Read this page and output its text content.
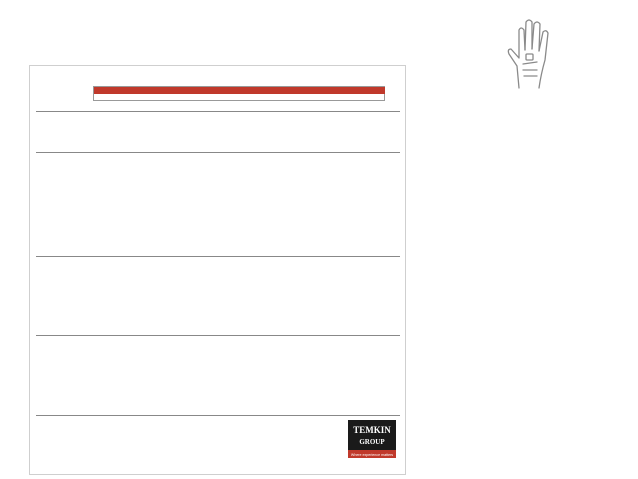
TEMKIN
GROUP
Where experience matters
